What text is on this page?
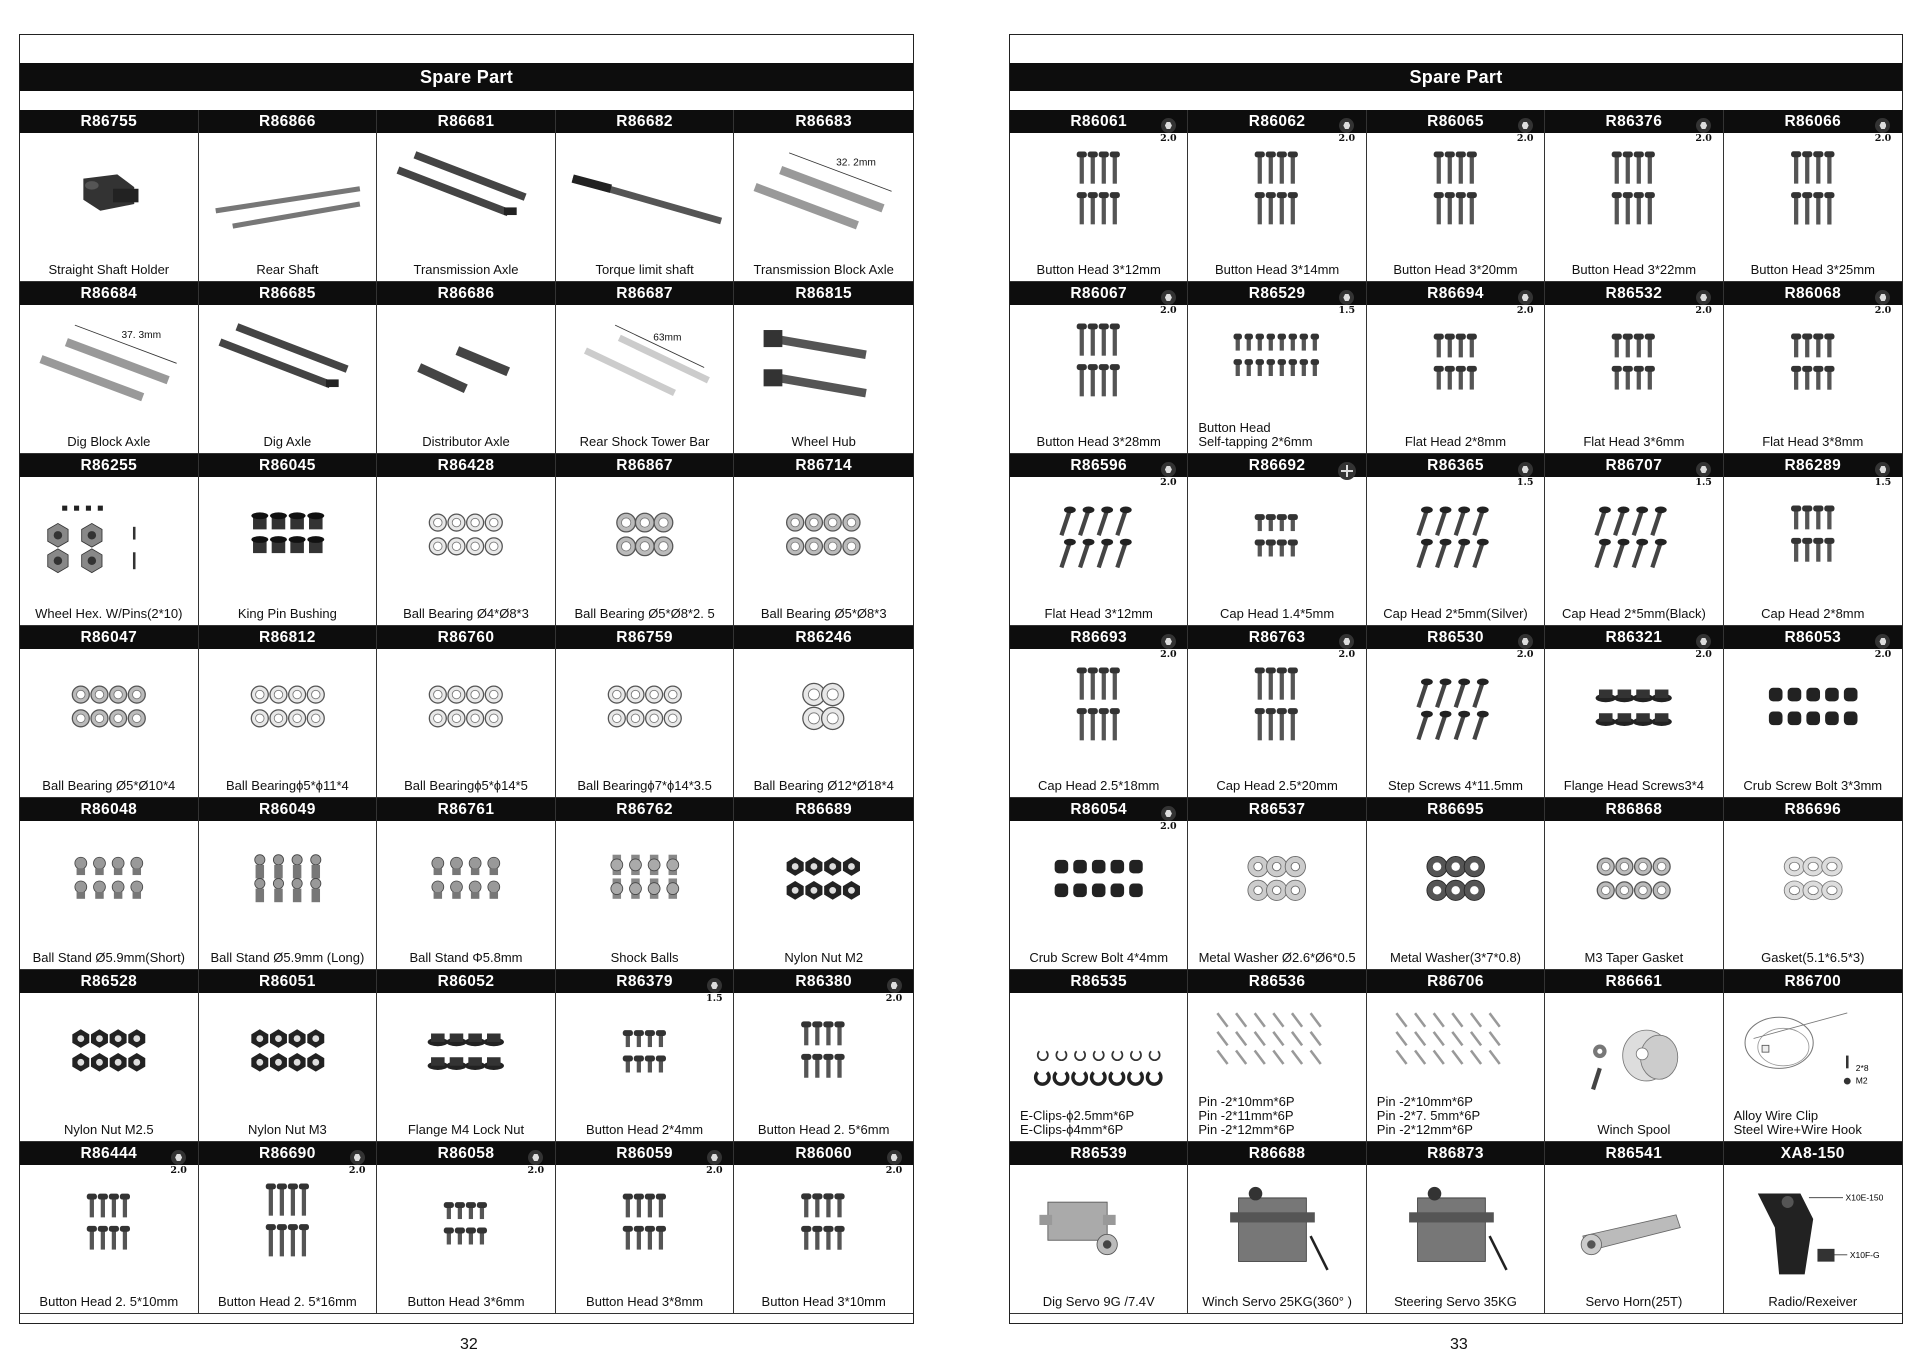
Spare Part
R86755
Straight Shaft Holder
R86866
Rear Shaft
R86681
Transmission Axle
R86682
Torque limit shaft
R86683
32. 2mm
Transmission Block Axle
R86684
37. 3mm
Dig Block Axle
R86685
Dig Axle
R86686
Distributor Axle
R86687
63mm
Rear Shock Tower Bar
R86815
Wheel Hub
R86255
Wheel Hex. W/Pins(2*10)
R86045
King Pin Bushing
R86428
Ball Bearing Ø4*Ø8*3
R86867
Ball Bearing Ø5*Ø8*2. 5
R86714
Ball Bearing Ø5*Ø8*3
R86047
Ball Bearing Ø5*Ø10*4
R86812
Ball Bearingϕ5*ϕ11*4
R86760
Ball Bearingϕ5*ϕ14*5
R86759
Ball Bearingϕ7*ϕ14*3.5
R86246
Ball Bearing Ø12*Ø18*4
R86048
Ball Stand Ø5.9mm(Short)
R86049
Ball Stand Ø5.9mm (Long)
R86761
Ball Stand Φ5.8mm
R86762
Shock Balls
R86689
Nylon Nut M2
R86528
Nylon Nut M2.5
R86051
Nylon Nut M3
R86052
Flange M4 Lock Nut
R86379
1.5
Button Head 2*4mm
R86380
2.0
Button Head 2. 5*6mm
R86444
2.0
Button Head 2. 5*10mm
R86690
2.0
Button Head 2. 5*16mm
R86058
2.0
Button Head 3*6mm
R86059
2.0
Button Head 3*8mm
R86060
2.0
Button Head 3*10mm
32
Spare Part
R86061
2.0
Button Head 3*12mm
R86062
2.0
Button Head 3*14mm
R86065
2.0
Button Head 3*20mm
R86376
2.0
Button Head 3*22mm
R86066
2.0
Button Head 3*25mm
R86067
2.0
Button Head 3*28mm
R86529
1.5
Button Head
Self-tapping 2*6mm
R86694
2.0
Flat Head 2*8mm
R86532
2.0
Flat Head 3*6mm
R86068
2.0
Flat Head 3*8mm
R86596
2.0
Flat Head 3*12mm
R86692
Cap Head 1.4*5mm
R86365
1.5
Cap Head 2*5mm(Silver)
R86707
1.5
Cap Head 2*5mm(Black)
R86289
1.5
Cap Head 2*8mm
R86693
2.0
Cap Head 2.5*18mm
R86763
2.0
Cap Head 2.5*20mm
R86530
2.0
Step Screws 4*11.5mm
R86321
2.0
Flange Head Screws3*4
R86053
2.0
Crub Screw Bolt 3*3mm
R86054
2.0
Crub Screw Bolt 4*4mm
R86537
Metal Washer Ø2.6*Ø6*0.5
R86695
Metal Washer(3*7*0.8)
R86868
M3 Taper Gasket
R86696
Gasket(5.1*6.5*3)
R86535
E-Clips-ϕ2.5mm*6P
E-Clips-ϕ4mm*6P
R86536
Pin -2*10mm*6P
Pin -2*11mm*6P
Pin -2*12mm*6P
R86706
Pin -2*10mm*6P
Pin -2*7. 5mm*6P
Pin -2*12mm*6P
R86661
Winch Spool
R86700
2*8
M2
Alloy Wire Clip
Steel Wire+Wire Hook
R86539
Dig Servo 9G /7.4V
R86688
Winch Servo 25KG(360° )
R86873
Steering Servo 35KG
R86541
Servo Horn(25T)
XA8-150
X10E-150
X10F-G
Radio/Rexeiver
33
